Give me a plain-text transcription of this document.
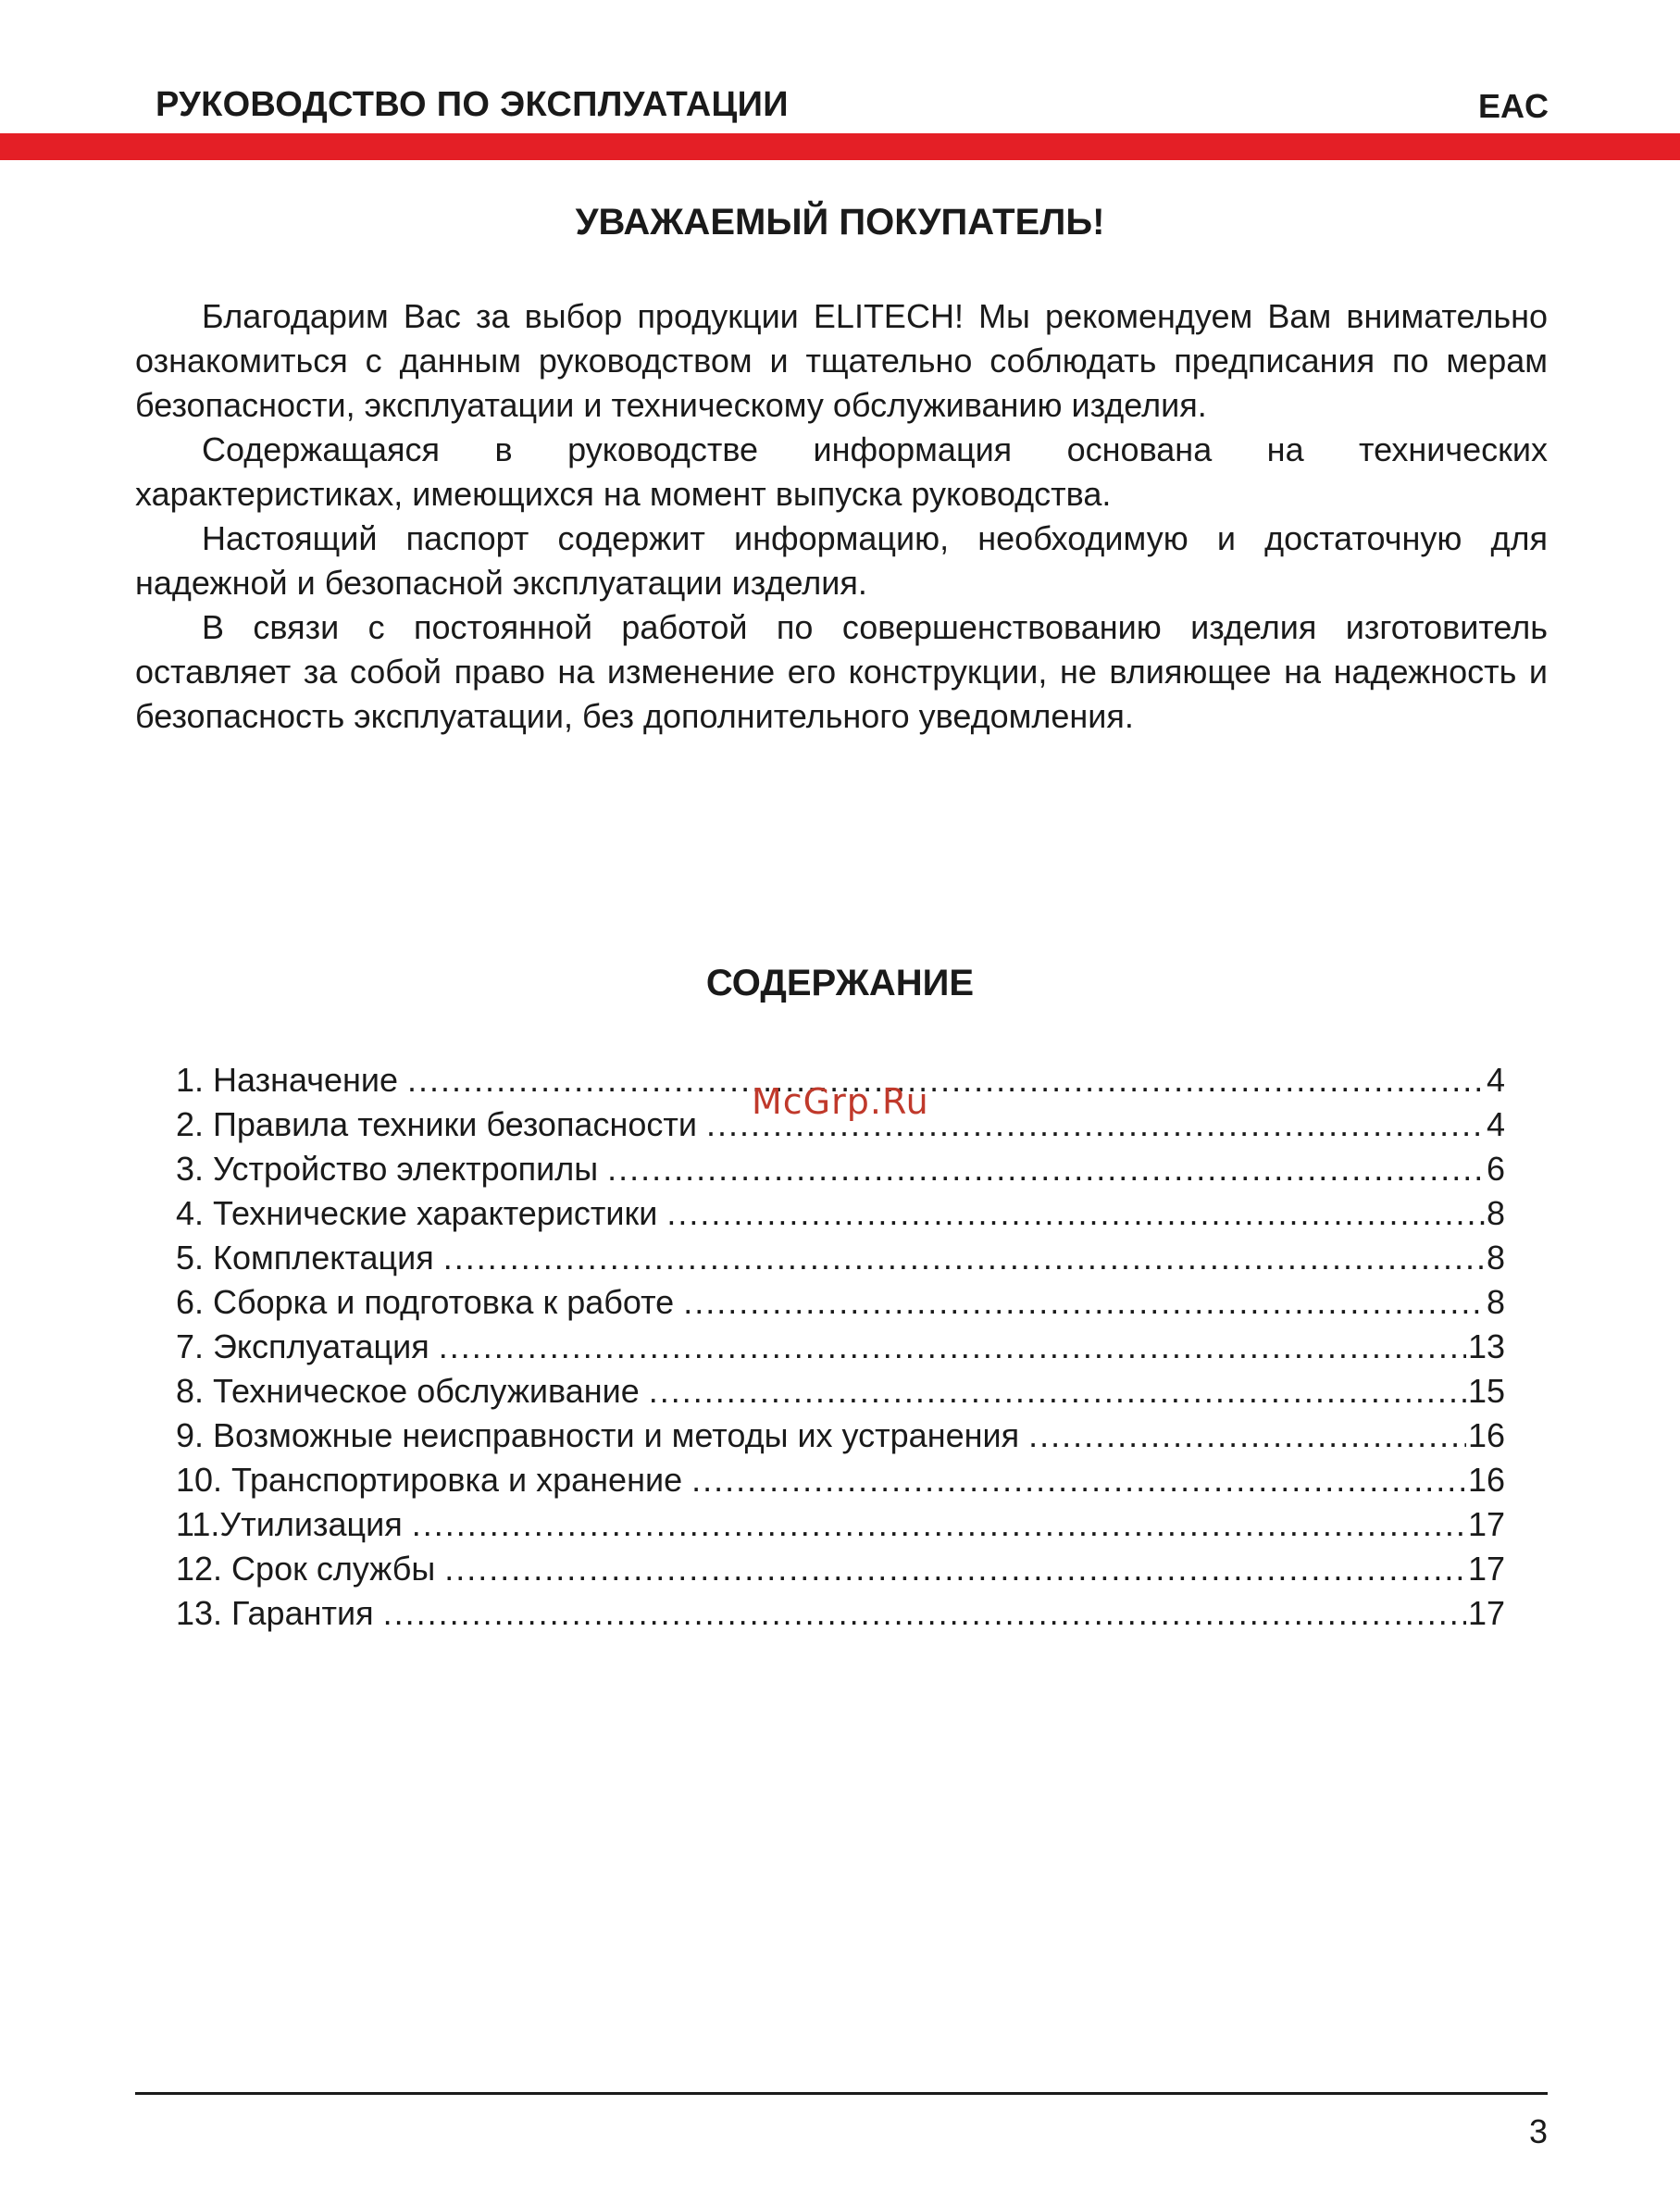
РУКОВОДСТВО ПО ЭКСПЛУАТАЦИИ	EAC
УВАЖАЕМЫЙ ПОКУПАТЕЛЬ!

Благодарим Вас за выбор продукции ELITECH! Мы рекомендуем Вам внимательно ознакомиться с данным руководством и тщательно соблюдать предписания по мерам безопасности, эксплуатации и техническому обслуживанию изделия.

Содержащаяся в руководстве информация основана на технических характеристиках, имеющихся на момент выпуска руководства.

Настоящий паспорт содержит информацию, необходимую и достаточную для надежной и безопасной эксплуатации изделия.

В связи с постоянной работой по совершенствованию изделия изготовитель оставляет за собой право на изменение его конструкции, не влияющее на надежность и безопасность эксплуатации, без дополнительного уведомления.

СОДЕРЖАНИЕ
1. Назначение .....	4
2. Правила техники безопасности .....	4
3. Устройство электропилы .....	6
4. Технические характеристики .....	8
5. Комплектация .....	8
6. Сборка и подготовка к работе .....	8
7. Эксплуатация .....	13
8. Техническое обслуживание .....	15
9. Возможные неисправности и методы их устранения .....	16
10. Транспортировка и хранение .....	16
11.Утилизация .....	17
12. Срок службы .....	17
13. Гарантия .....	17
McGrp.Ru
3
